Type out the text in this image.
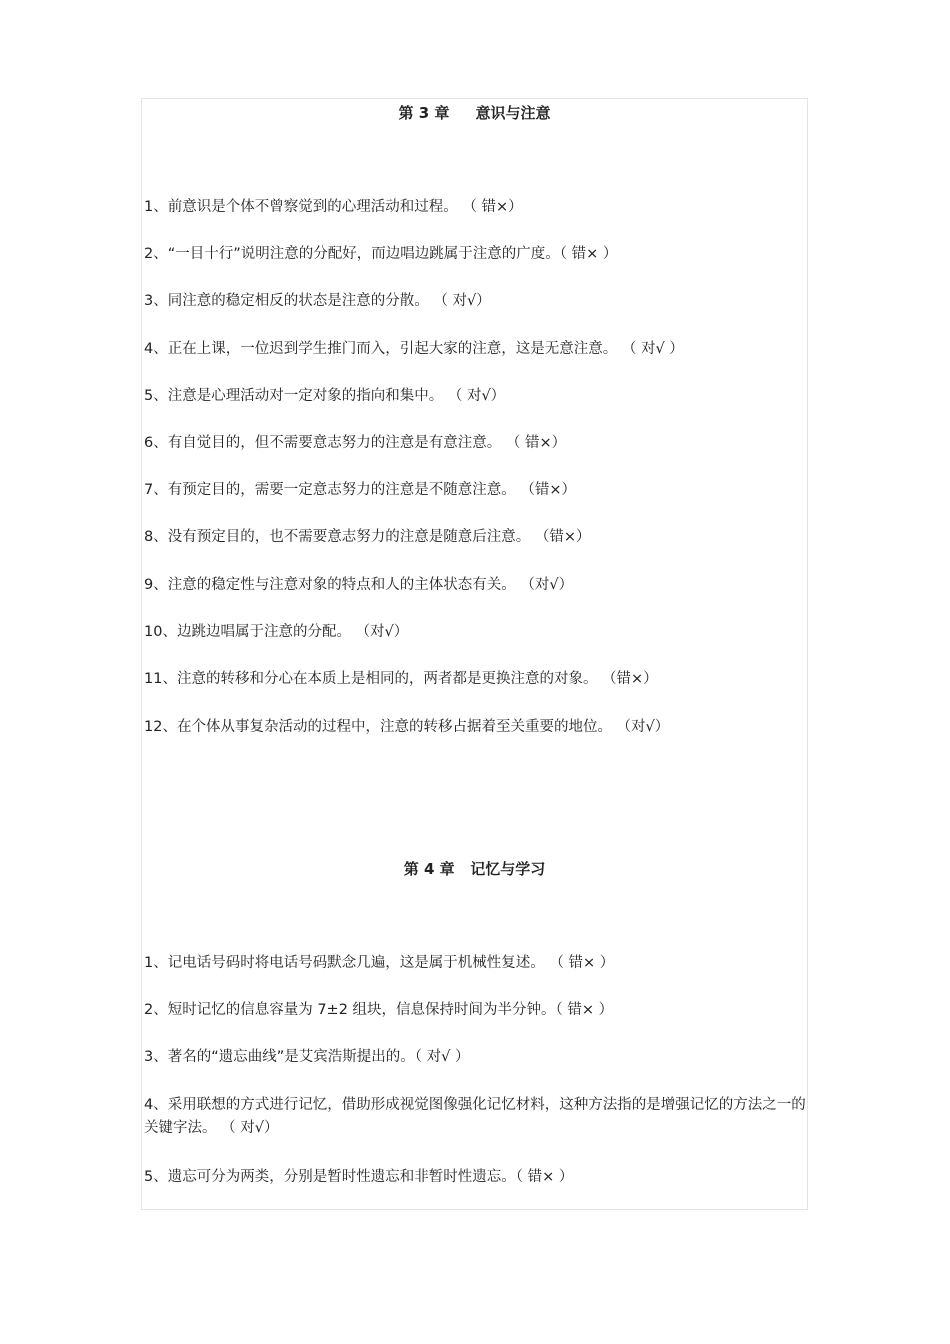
第 3 章     意识与注意
1、前意识是个体不曾察觉到的心理活动和过程。 （ 错×）
2、“一目十行”说明注意的分配好，而边唱边跳属于注意的广度。（ 错× ）
3、同注意的稳定相反的状态是注意的分散。 （ 对√）
4、正在上课，一位迟到学生推门而入，引起大家的注意，这是无意注意。 （ 对√ ）
5、注意是心理活动对一定对象的指向和集中。 （ 对√）
6、有自觉目的，但不需要意志努力的注意是有意注意。 （ 错×）
7、有预定目的，需要一定意志努力的注意是不随意注意。 （错×）
8、没有预定目的，也不需要意志努力的注意是随意后注意。 （错×）
9、注意的稳定性与注意对象的特点和人的主体状态有关。 （对√）
10、边跳边唱属于注意的分配。 （对√）
11、注意的转移和分心在本质上是相同的，两者都是更换注意的对象。 （错×）
12、在个体从事复杂活动的过程中，注意的转移占据着至关重要的地位。 （对√）
第 4 章   记忆与学习
1、记电话号码时将电话号码默念几遍，这是属于机械性复述。 （ 错× ）
2、短时记忆的信息容量为 7±2 组块，信息保持时间为半分钟。（ 错× ）
3、著名的“遗忘曲线”是艾宾浩斯提出的。（ 对√ ）
4、采用联想的方式进行记忆，借助形成视觉图像强化记忆材料，这种方法指的是增强记忆的方法之一的关键字法。 （ 对√）
5、遗忘可分为两类，分别是暂时性遗忘和非暂时性遗忘。（ 错× ）
